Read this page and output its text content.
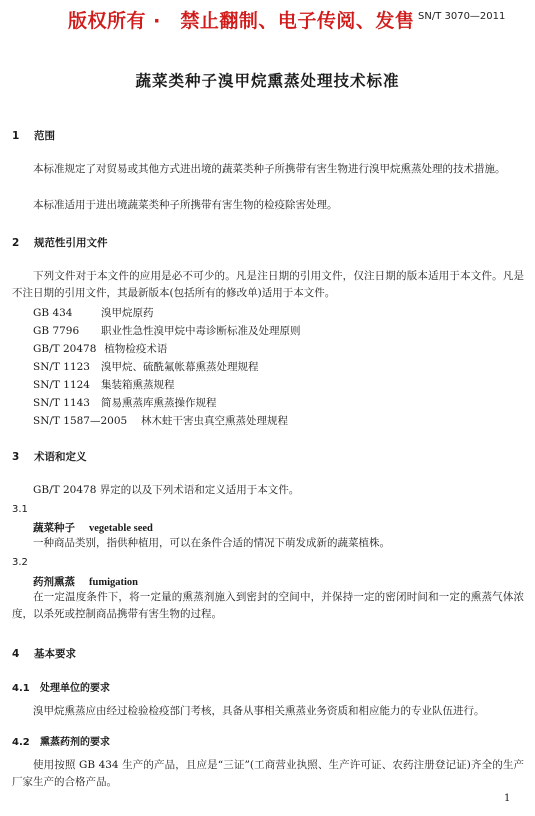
版权所有 ·　禁止翻制、电子传阅、发售 SN/T 3070—2011
蔬菜类种子溴甲烷熏蒸处理技术标准
1 范围
本标准规定了对贸易或其他方式进出境的蔬菜类种子所携带有害生物进行溴甲烷熏蒸处理的技术措施。
本标准适用于进出境蔬菜类种子所携带有害生物的检疫除害处理。
2 规范性引用文件
下列文件对于本文件的应用是必不可少的。凡是注日期的引用文件，仅注日期的版本适用于本文件。凡是不注日期的引用文件，其最新版本(包括所有的修改单)适用于本文件。
GB 434	溴甲烷原药
GB 7796 职业性急性溴甲烷中毒诊断标准及处理原则
GB/T 20478 植物检疫术语
SN/T 1123 溴甲烷、硫酰氟帐幕熏蒸处理规程
SN/T 1124 集装箱熏蒸规程
SN/T 1143 简易熏蒸库熏蒸操作规程
SN/T 1587—2005 林木蛀干害虫真空熏蒸处理规程
3 术语和定义
GB/T 20478 界定的以及下列术语和定义适用于本文件。
3.1
蔬菜种子 vegetable seed
一种商品类别，指供种植用，可以在条件合适的情况下萌发成新的蔬菜植株。
3.2
药剂熏蒸 fumigation
在一定温度条件下，将一定量的熏蒸剂施入到密封的空间中，并保持一定的密闭时间和一定的熏蒸气体浓度，以杀死或控制商品携带有害生物的过程。
4 基本要求
4.1 处理单位的要求
溴甲烷熏蒸应由经过检验检疫部门考核，具备从事相关熏蒸业务资质和相应能力的专业队伍进行。
4.2 熏蒸药剂的要求
使用按照 GB 434 生产的产品，且应是“三证”(工商营业执照、生产许可证、农药注册登记证)齐全的生产厂家生产的合格产品。
1
